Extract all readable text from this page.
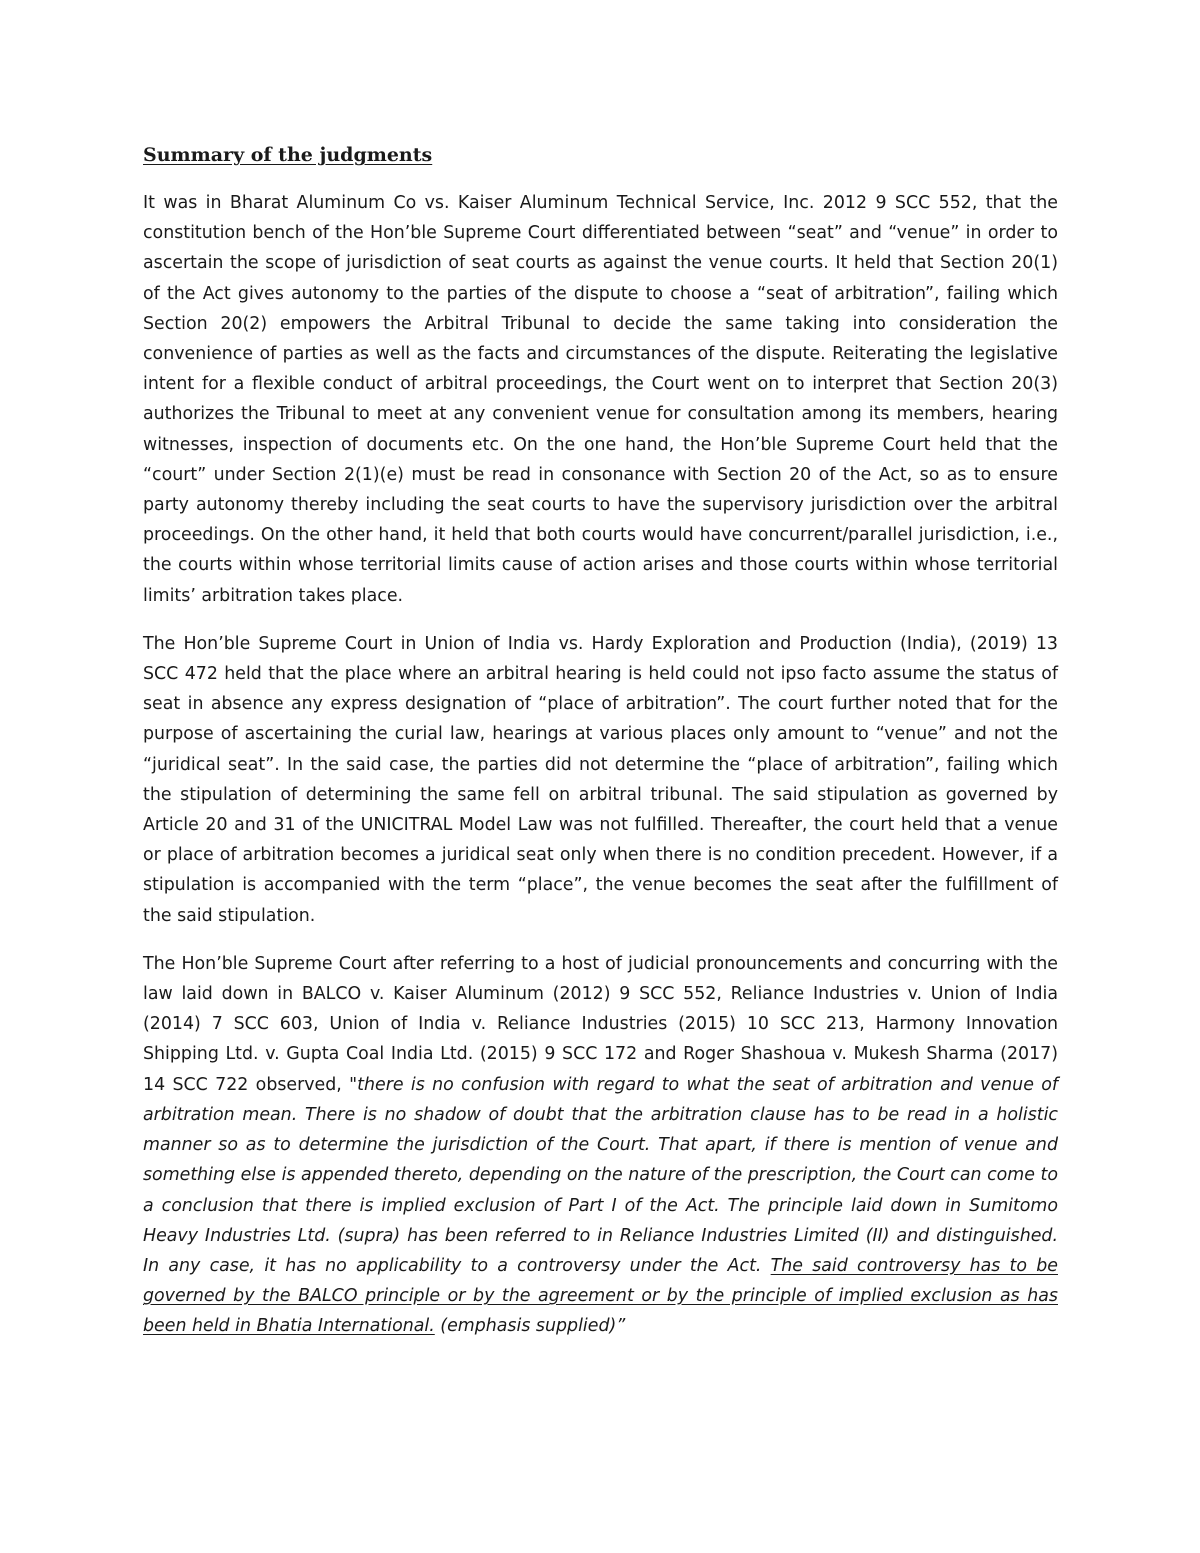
Summary of the judgments

It was in Bharat Aluminum Co vs. Kaiser Aluminum Technical Service, Inc. 2012 9 SCC 552, that the constitution bench of the Hon’ble Supreme Court differentiated between “seat” and “venue” in order to ascertain the scope of jurisdiction of seat courts as against the venue courts. It held that Section 20(1) of the Act gives autonomy to the parties of the dispute to choose a “seat of arbitration”, failing which Section 20(2) empowers the Arbitral Tribunal to decide the same taking into consideration the convenience of parties as well as the facts and circumstances of the dispute. Reiterating the legislative intent for a flexible conduct of arbitral proceedings, the Court went on to interpret that Section 20(3) authorizes the Tribunal to meet at any convenient venue for consultation among its members, hearing witnesses, inspection of documents etc. On the one hand, the Hon’ble Supreme Court held that the “court” under Section 2(1)(e) must be read in consonance with Section 20 of the Act, so as to ensure party autonomy thereby including the seat courts to have the supervisory jurisdiction over the arbitral proceedings. On the other hand, it held that both courts would have concurrent/parallel jurisdiction, i.e., the courts within whose territorial limits cause of action arises and those courts within whose territorial limits’ arbitration takes place.

The Hon’ble Supreme Court in Union of India vs. Hardy Exploration and Production (India), (2019) 13 SCC 472 held that the place where an arbitral hearing is held could not ipso facto assume the status of seat in absence any express designation of “place of arbitration”. The court further noted that for the purpose of ascertaining the curial law, hearings at various places only amount to “venue” and not the “juridical seat”. In the said case, the parties did not determine the “place of arbitration”, failing which the stipulation of determining the same fell on arbitral tribunal. The said stipulation as governed by Article 20 and 31 of the UNICITRAL Model Law was not fulfilled. Thereafter, the court held that a venue or place of arbitration becomes a juridical seat only when there is no condition precedent. However, if a stipulation is accompanied with the term “place”, the venue becomes the seat after the fulfillment of the said stipulation.

The Hon’ble Supreme Court after referring to a host of judicial pronouncements and concurring with the law laid down in BALCO v. Kaiser Aluminum (2012) 9 SCC 552, Reliance Industries v. Union of India (2014) 7 SCC 603, Union of India v. Reliance Industries (2015) 10 SCC 213, Harmony Innovation Shipping Ltd. v. Gupta Coal India Ltd. (2015) 9 SCC 172 and Roger Shashoua v. Mukesh Sharma (2017) 14 SCC 722 observed, "there is no confusion with regard to what the seat of arbitration and venue of arbitration mean. There is no shadow of doubt that the arbitration clause has to be read in a holistic manner so as to determine the jurisdiction of the Court. That apart, if there is mention of venue and something else is appended thereto, depending on the nature of the prescription, the Court can come to a conclusion that there is implied exclusion of Part I of the Act. The principle laid down in Sumitomo Heavy Industries Ltd. (supra) has been referred to in Reliance Industries Limited (II) and distinguished. In any case, it has no applicability to a controversy under the Act. The said controversy has to be governed by the BALCO principle or by the agreement or by the principle of implied exclusion as has been held in Bhatia International. (emphasis supplied)”
